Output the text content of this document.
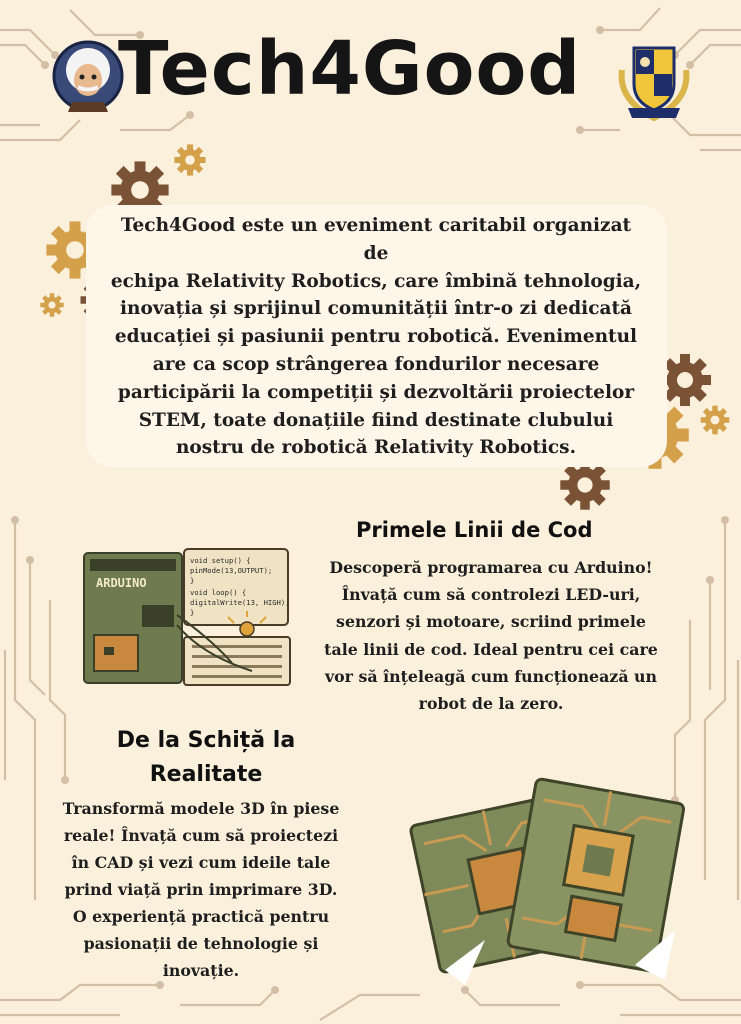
Tech4Good
Tech4Good este un eveniment caritabil organizat de
echipa Relativity Robotics, care îmbină tehnologia,
inovația și sprijinul comunității într-o zi dedicată
educației și pasiunii pentru robotică. Evenimentul
are ca scop strângerea fondurilor necesare
participării la competiții și dezvoltării proiectelor
STEM, toate donațiile fiind destinate clubului
nostru de robotică Relativity Robotics.
ARDUINO
void setup() { pinMode(13,OUTPUT); } void loop() { digitalWrite(13, HIGH); }
Primele Linii de Cod
Descoperă programarea cu Arduino!
Învață cum să controlezi LED-uri,
senzori și motoare, scriind primele
tale linii de cod. Ideal pentru cei care
vor să înțeleagă cum funcționează un
robot de la zero.
De la Schiță la
Realitate
Transformă modele 3D în piese
reale! Învață cum să proiectezi
în CAD și vezi cum ideile tale
prind viață prin imprimare 3D.
O experiență practică pentru
pasionații de tehnologie și
inovație.
